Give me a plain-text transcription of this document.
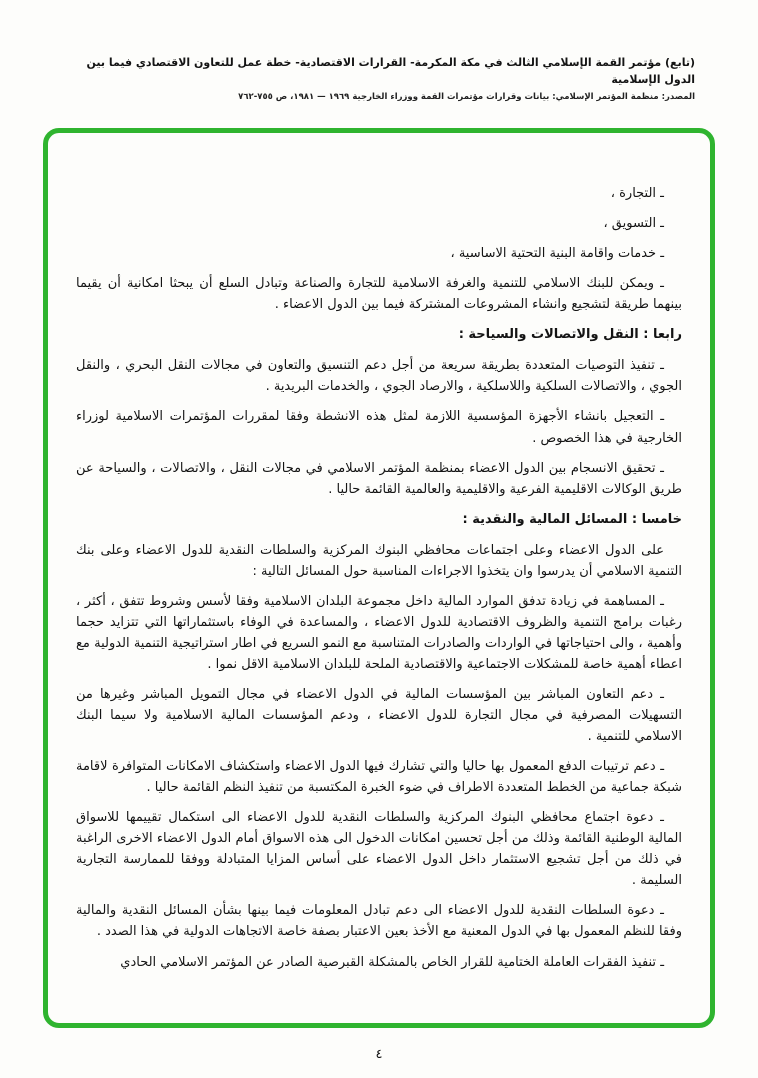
(تابع) مؤتمر القمة الإسلامي الثالث في مكة المكرمة- القرارات الاقتصادية- خطة عمل للتعاون الاقتصادي فيما بين الدول الإسلامية
المصدر: منظمة المؤتمر الإسلامي: بيانات وقرارات مؤتمرات القمة ووزراء الخارجية ١٩٦٩ — ١٩٨١، ص ٧٥٥-٧٦٢
ـ التجارة ،
ـ التسويق ،
ـ خدمات واقامة البنية التحتية الاساسية ،
ـ ويمكن للبنك الاسلامي للتنمية والغرفة الاسلامية للتجارة والصناعة وتبادل السلع أن يبحثا امكانية أن يقيما بينهما طريقة لتشجيع وانشاء المشروعات المشتركة فيما بين الدول الاعضاء .
رابعا : النقل والاتصالات والسياحة :
ـ تنفيذ التوصيات المتعددة بطريقة سريعة من أجل دعم التنسيق والتعاون في مجالات النقل البحري ، والنقل الجوي ، والاتصالات السلكية واللاسلكية ، والارصاد الجوي ، والخدمات البريدية .
ـ التعجيل بانشاء الأجهزة المؤسسية اللازمة لمثل هذه الانشطة وفقا لمقررات المؤتمرات الاسلامية لوزراء الخارجية في هذا الخصوص .
ـ تحقيق الانسجام بين الدول الاعضاء بمنظمة المؤتمر الاسلامي في مجالات النقل ، والاتصالات ، والسياحة عن طريق الوكالات الاقليمية الفرعية والاقليمية والعالمية القائمة حاليا .
خامسا : المسائل المالية والنقدية :
على الدول الاعضاء وعلى اجتماعات محافظي البنوك المركزية والسلطات النقدية للدول الاعضاء وعلى بنك التنمية الاسلامي أن يدرسوا وان يتخذوا الاجراءات المناسبة حول المسائل التالية :
ـ المساهمة في زيادة تدفق الموارد المالية داخل مجموعة البلدان الاسلامية وفقا لأسس وشروط تتفق ، أكثر ، رغبات برامج التنمية والظروف الاقتصادية للدول الاعضاء ، والمساعدة في الوفاء باستثماراتها التي تتزايد حجما وأهمية ، والى احتياجاتها في الواردات والصادرات المتناسبة مع النمو السريع في اطار استراتيجية التنمية الدولية مع اعطاء أهمية خاصة للمشكلات الاجتماعية والاقتصادية الملحة للبلدان الاسلامية الاقل نموا .
ـ دعم التعاون المباشر بين المؤسسات المالية في الدول الاعضاء في مجال التمويل المباشر وغيرها من التسهيلات المصرفية في مجال التجارة للدول الاعضاء ، ودعم المؤسسات المالية الاسلامية ولا سيما البنك الاسلامي للتنمية .
ـ دعم ترتيبات الدفع المعمول بها حاليا والتي تشارك فيها الدول الاعضاء واستكشاف الامكانات المتوافرة لاقامة شبكة جماعية من الخطط المتعددة الاطراف في ضوء الخبرة المكتسبة من تنفيذ النظم القائمة حاليا .
ـ دعوة اجتماع محافظي البنوك المركزية والسلطات النقدية للدول الاعضاء الى استكمال تقييمها للاسواق المالية الوطنية القائمة وذلك من أجل تحسين امكانات الدخول الى هذه الاسواق أمام الدول الاعضاء الاخرى الراغبة في ذلك من أجل تشجيع الاستثمار داخل الدول الاعضاء على أساس المزايا المتبادلة ووفقا للممارسة التجارية السليمة .
ـ دعوة السلطات النقدية للدول الاعضاء الى دعم تبادل المعلومات فيما بينها بشأن المسائل النقدية والمالية وفقا للنظم المعمول بها في الدول المعنية مع الأخذ بعين الاعتبار بصفة خاصة الاتجاهات الدولية في هذا الصدد .
ـ تنفيذ الفقرات العاملة الختامية للقرار الخاص بالمشكلة القبرصية الصادر عن المؤتمر الاسلامي الحادي
٤
